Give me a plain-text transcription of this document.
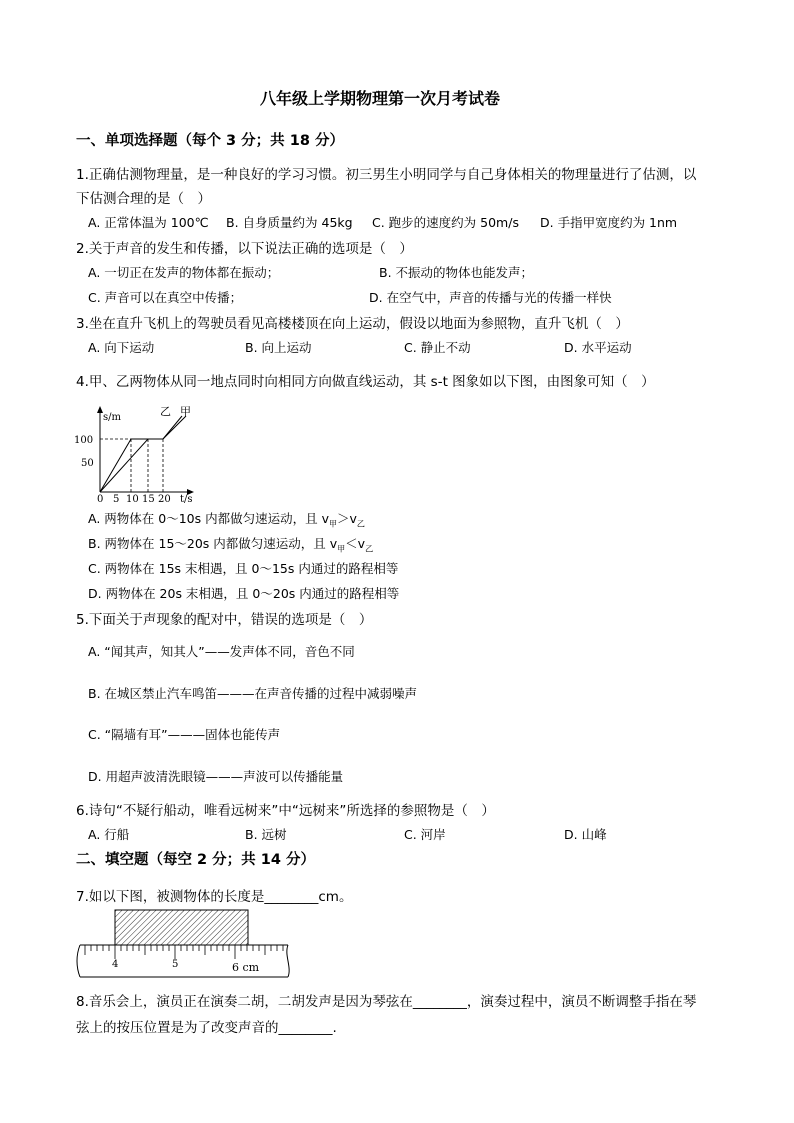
八年级上学期物理第一次月考试卷
一、单项选择题（每个 3 分；共 18 分）
1.正确估测物理量，是一种良好的学习习惯。初三男生小明同学与自己身体相关的物理量进行了估测，以
下估测合理的是（　）
A. 正常体温为 100℃ B. 自身质量约为 45kg C. 跑步的速度约为 50m/s D. 手指甲宽度约为 1nm
2.关于声音的发生和传播，以下说法正确的选项是（　）
A. 一切正在发声的物体都在振动；	B. 不振动的物体也能发声；
C. 声音可以在真空中传播；	D. 在空气中，声音的传播与光的传播一样快
3.坐在直升飞机上的驾驶员看见高楼楼顶在向上运动，假设以地面为参照物，直升飞机（　）
A. 向下运动	B. 向上运动	C. 静止不动	D. 水平运动
4.甲、乙两物体从同一地点同时向相同方向做直线运动，其 s-t 图象如以下图，由图象可知（　）
s/m
t/s
100
50
0 5 10 15 20
乙 甲
A. 两物体在 0～10s 内都做匀速运动，且 $v_甲>v_乙$
B. 两物体在 15～20s 内都做匀速运动，且 $v_甲<v_乙$
C. 两物体在 15s 末相遇，且 0～15s 内通过的路程相等
D. 两物体在 20s 末相遇，且 0～20s 内通过的路程相等
5.下面关于声现象的配对中，错误的选项是（　）
A. “闻其声，知其人”——发声体不同，音色不同
B. 在城区禁止汽车鸣笛———在声音传播的过程中减弱噪声
C. “隔墙有耳”———固体也能传声
D. 用超声波清洗眼镜———声波可以传播能量
6.诗句“不疑行船动，唯看远树来”中“远树来”所选择的参照物是（　）
A. 行船	B. 远树	C. 河岸	D. 山峰
二、填空题（每空 2 分；共 14 分）
7.如以下图，被测物体的长度是________cm。
4	5	6 cm
8.音乐会上，演员正在演奏二胡，二胡发声是因为琴弦在________，演奏过程中，演员不断调整手指在琴
弦上的按压位置是为了改变声音的________.
